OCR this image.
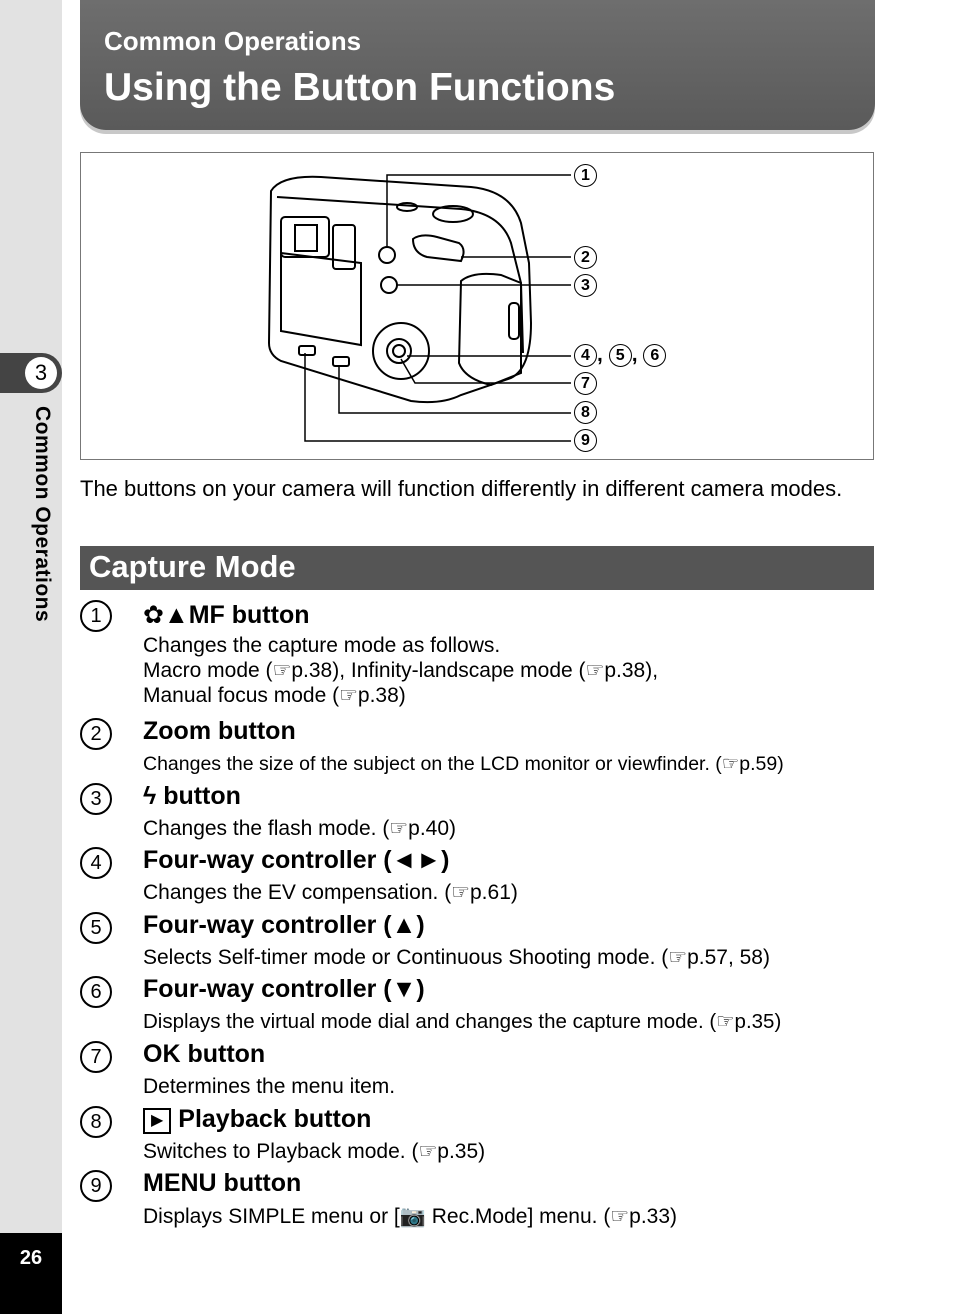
3
Common Operations
26
Common Operations
Using the Button Functions
1
2
3
4 , 5 , 6
7
8
9
The buttons on your camera will function differently in different camera modes.
Capture Mode
1	✿▲MF button
Changes the capture mode as follows.
Macro mode (☞p.38), Infinity-landscape mode (☞p.38),
Manual focus mode (☞p.38)
2	Zoom button
Changes the size of the subject on the LCD monitor or viewfinder. (☞p.59)
3	ϟ button
Changes the flash mode. (☞p.40)
4	Four-way controller (◄►)
Changes the EV compensation. (☞p.61)
5	Four-way controller (▲)
Selects Self-timer mode or Continuous Shooting mode. (☞p.57, 58)
6	Four-way controller (▼)
Displays the virtual mode dial and changes the capture mode. (☞p.35)
7	OK button
Determines the menu item.
8	▶ Playback button
Switches to Playback mode. (☞p.35)
9	MENU button
Displays SIMPLE menu or [📷 Rec.Mode] menu. (☞p.33)
